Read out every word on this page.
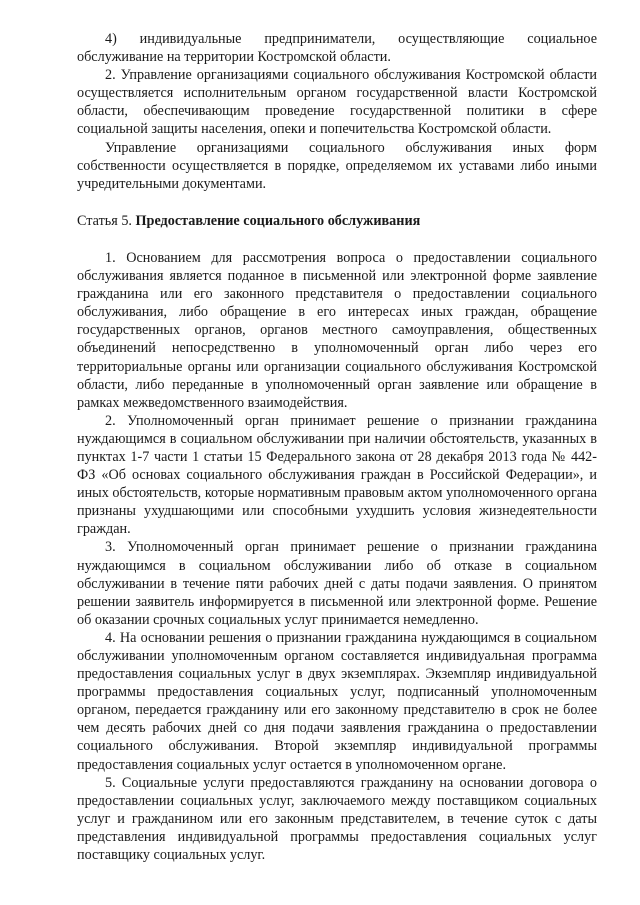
4) индивидуальные предприниматели, осуществляющие социальное обслуживание на территории Костромской области.

2. Управление организациями социального обслуживания Костромской области осуществляется исполнительным органом государственной власти Костромской области, обеспечивающим проведение государственной политики в сфере социальной защиты населения, опеки и попечительства Костромской области.

Управление организациями социального обслуживания иных форм собственности осуществляется в порядке, определяемом их уставами либо иными учредительными документами.

Статья 5. Предоставление социального обслуживания

1. Основанием для рассмотрения вопроса о предоставлении социального обслуживания является поданное в письменной или электронной форме заявление гражданина или его законного представителя о предоставлении социального обслуживания, либо обращение в его интересах иных граждан, обращение государственных органов, органов местного самоуправления, общественных объединений непосредственно в уполномоченный орган либо через его территориальные органы или организации социального обслуживания Костромской области, либо переданные в уполномоченный орган заявление или обращение в рамках межведомственного взаимодействия.

2. Уполномоченный орган принимает решение о признании гражданина нуждающимся в социальном обслуживании при наличии обстоятельств, указанных в пунктах 1-7 части 1 статьи 15 Федерального закона от 28 декабря 2013 года № 442-ФЗ «Об основах социального обслуживания граждан в Российской Федерации», и иных обстоятельств, которые нормативным правовым актом уполномоченного органа признаны ухудшающими или способными ухудшить условия жизнедеятельности граждан.

3. Уполномоченный орган принимает решение о признании гражданина нуждающимся в социальном обслуживании либо об отказе в социальном обслуживании в течение пяти рабочих дней с даты подачи заявления. О принятом решении заявитель информируется в письменной или электронной форме. Решение об оказании срочных социальных услуг принимается немедленно.

4. На основании решения о признании гражданина нуждающимся в социальном обслуживании уполномоченным органом составляется индивидуальная программа предоставления социальных услуг в двух экземплярах. Экземпляр индивидуальной программы предоставления социальных услуг, подписанный уполномоченным органом, передается гражданину или его законному представителю в срок не более чем десять рабочих дней со дня подачи заявления гражданина о предоставлении социального обслуживания. Второй экземпляр индивидуальной программы предоставления социальных услуг остается в уполномоченном органе.

5. Социальные услуги предоставляются гражданину на основании договора о предоставлении социальных услуг, заключаемого между поставщиком социальных услуг и гражданином или его законным представителем, в течение суток с даты представления индивидуальной программы предоставления социальных услуг поставщику социальных услуг.
